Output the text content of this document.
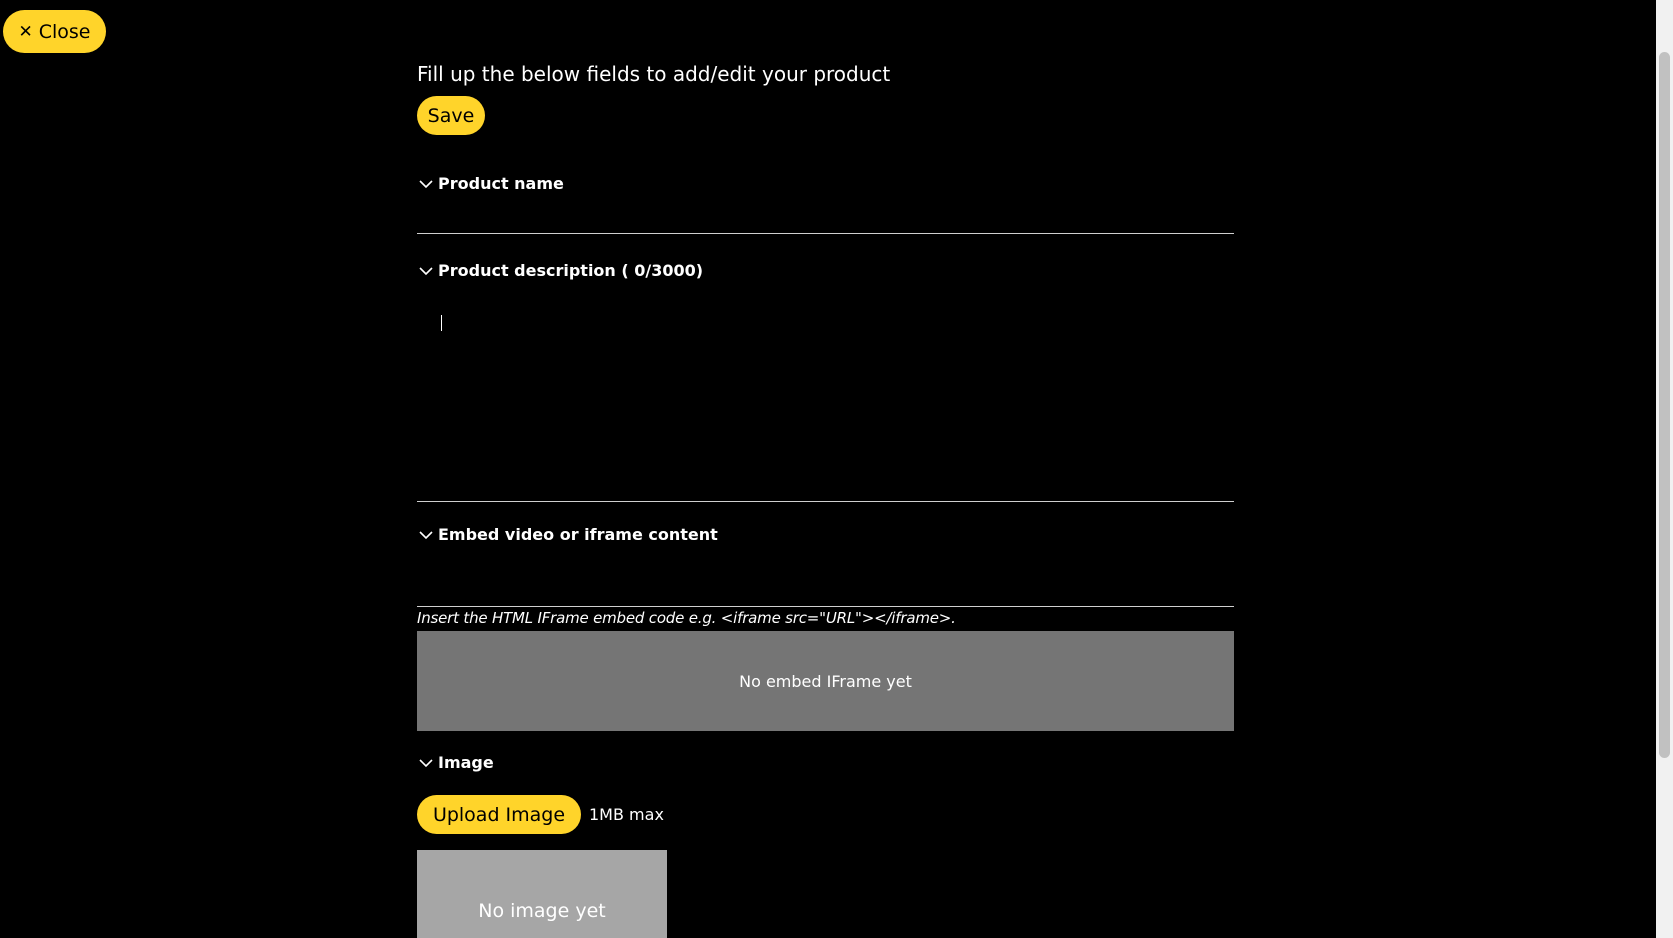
✕ Close
Fill up the below fields to add/edit your product
Save
Product name
Product description ( 0/3000)
Embed video or iframe content
Insert the HTML IFrame embed code e.g. <iframe src="URL"></iframe>.
No embed IFrame yet
Image
Upload Image	1MB max
No image yet
